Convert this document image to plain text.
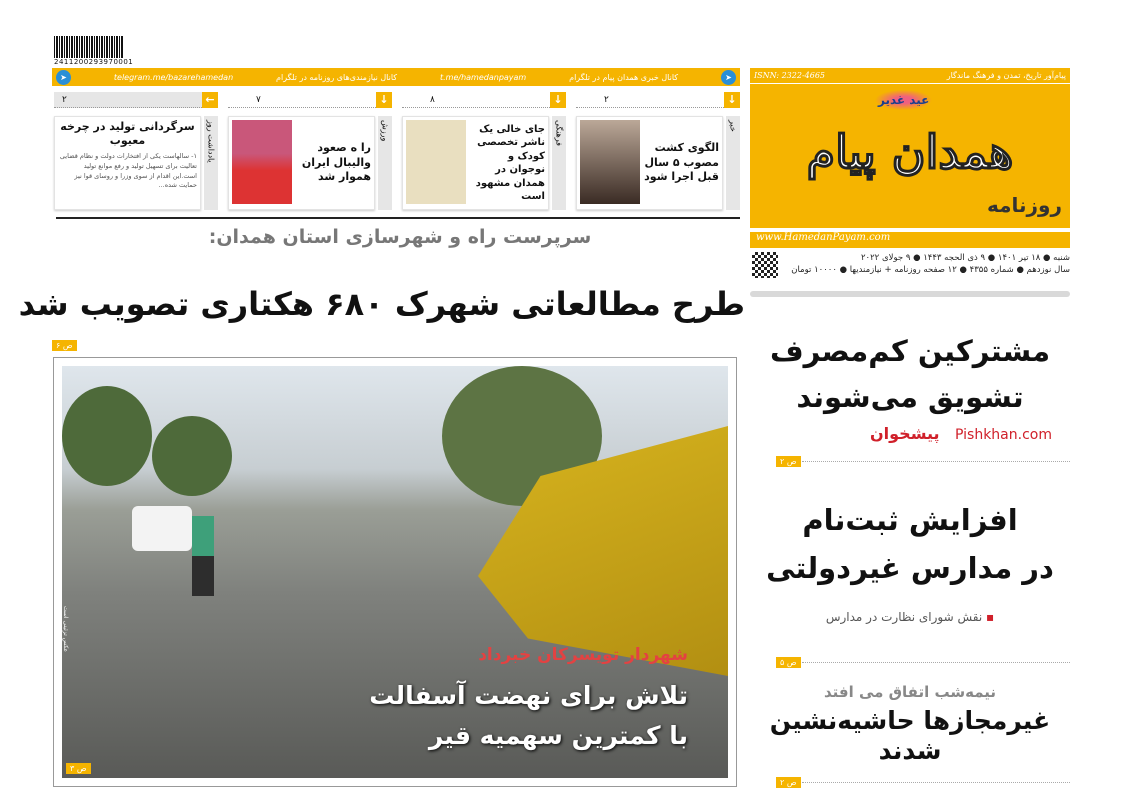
2411200293970001
➤	telegram.me/bazarehamedan	کانال نیازمندی‌های روزنامه در تلگرام	t.me/hamedanpayam	کانال خبری همدان پیام در تلگرام	➤
۲	↓
الگوی کشت مصوب ۵ سال قبل اجرا شود
خبر
۸	↓
جای خالی یک ناشر تخصصی کودک و نوجوان در همدان مشهود است
فرهنگی
۷	↓
را ه صعود والیبال ایران هموار شد
ورزش
۲	←
سرگردانی تولید در چرخه معیوب
۱- سالهاست یکی از افتخارات دولت و نظام قضایی تعالیت برای تسهیل تولید و رفع موانع تولید است.این اقدام از سوی وزرا و روسای قوا نیز حمایت شده...
یادداشت روز
ISNN: 2322-4665	پیام‌آور تاریخ، تمدن و فرهنگ ماندگار
عید غدیر
همدان پیام
روزنامه
www.HamedanPayam.com
شنبه ● ۱۸ تیر ۱۴۰۱ ● ۹ ذی الحجه ۱۴۴۳ ● ۹ جولای ۲۰۲۲
سال نوزدهم ● شماره ۴۳۵۵ ● ۱۲ صفحه روزنامه + نیازمندیها ● ۱۰۰۰۰ تومان
سرپرست راه و شهرسازی استان همدان:
طرح مطالعاتی شهرک ۶۸۰ هکتاری تصویب شد
۶ ص
شهردار تویسرکان خبرداد
تلاش برای نهضت آسفالت
با کمترین سهمیه قیر
۳ ص
عکس تزئینی است
مشترکین کم‌مصرف
تشویق می‌شوند
پیشخوان Pishkhan.com
۲ ص
افزایش ثبت‌نام
در مدارس غیردولتی
▪ نقش شورای نظارت در مدارس
۵ ص
نیمه‌شب اتفاق می افتد
غیرمجازها حاشیه‌نشین شدند
۲ ص
